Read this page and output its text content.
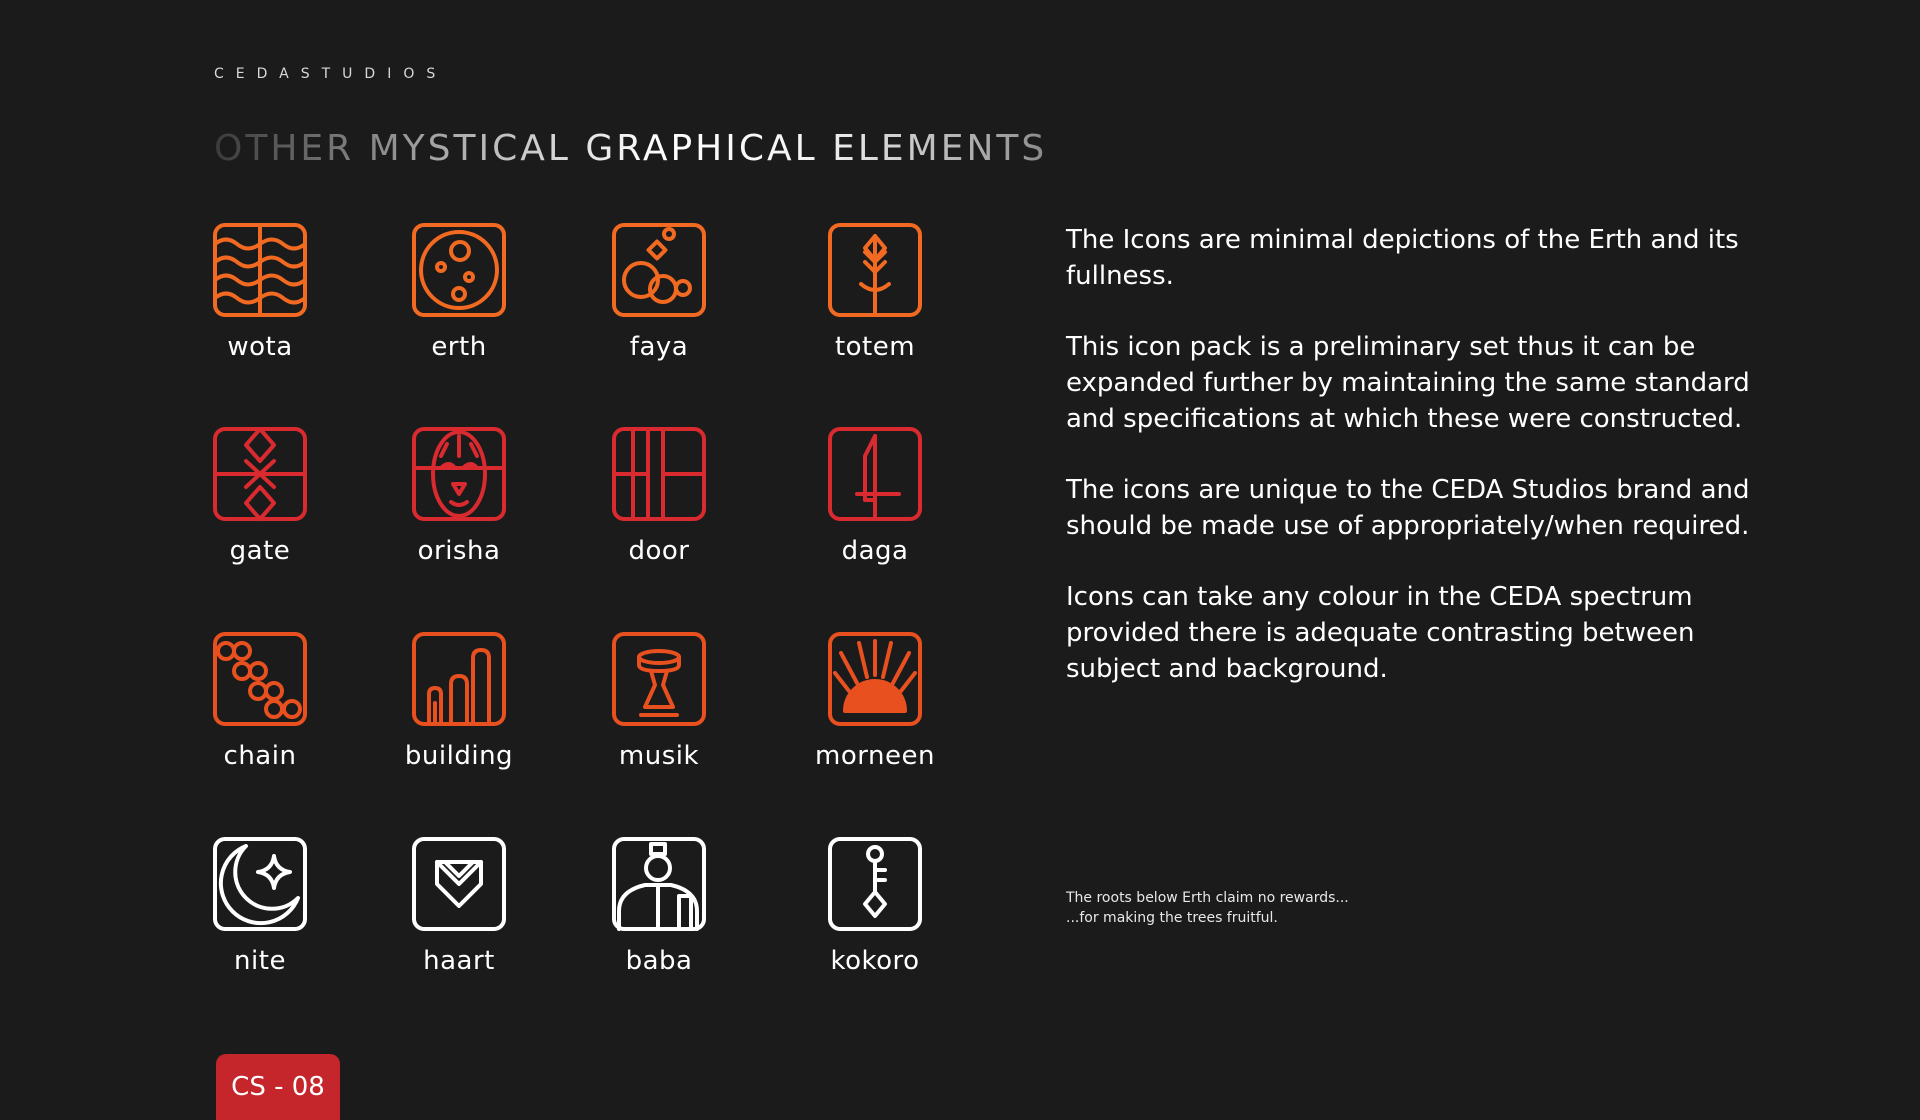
CEDASTUDIOS
OTHER MYSTICAL GRAPHICAL ELEMENTS
wota	erth	faya	totem
gate	orisha	door	daga
chain	building	musik	morneen
nite	haart	baba	kokoro

The Icons are minimal depictions of the Erth and its fullness.

This icon pack is a preliminary set thus it can be expanded further by maintaining the same standard and specifications at which these were constructed.

The icons are unique to the CEDA Studios brand and should be made use of appropriately/when required.

Icons can take any colour in the CEDA spectrum provided there is adequate contrasting between subject and background.

The roots below Erth claim no rewards...
...for making the trees fruitful.
CS - 08
